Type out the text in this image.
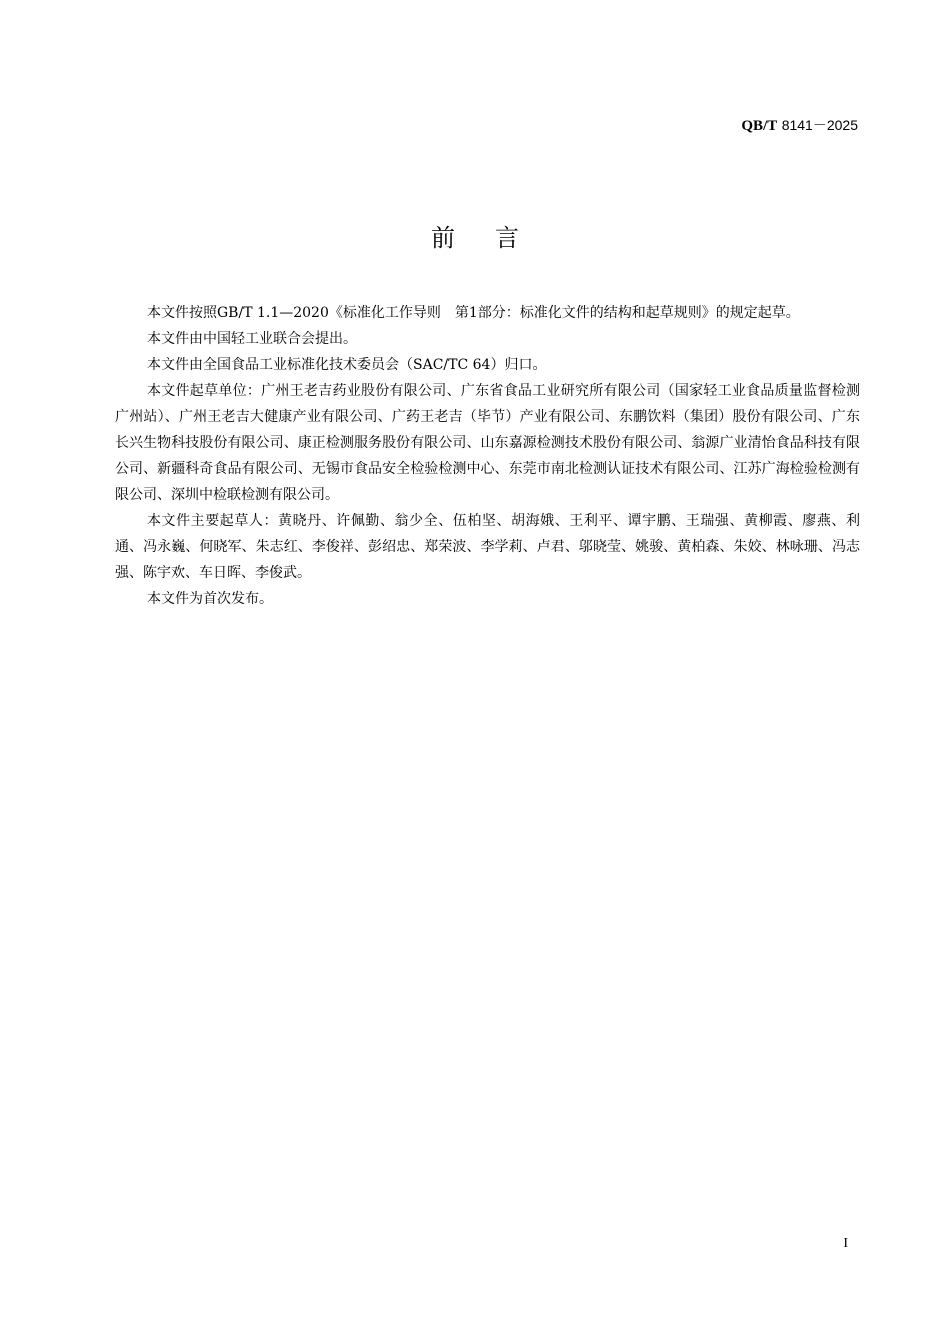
QB/T 8141－2025
前言

本文件按照GB/T 1.1—2020《标准化工作导则　第1部分：标准化文件的结构和起草规则》的规定起草。

本文件由中国轻工业联合会提出。

本文件由全国食品工业标准化技术委员会（SAC/TC 64）归口。

本文件起草单位：广州王老吉药业股份有限公司、广东省食品工业研究所有限公司（国家轻工业食品质量监督检测广州站）、广州王老吉大健康产业有限公司、广药王老吉（毕节）产业有限公司、东鹏饮料（集团）股份有限公司、广东长兴生物科技股份有限公司、康正检测服务股份有限公司、山东嘉源检测技术股份有限公司、翁源广业清怡食品科技有限公司、新疆科奇食品有限公司、无锡市食品安全检验检测中心、东莞市南北检测认证技术有限公司、江苏广海检验检测有限公司、深圳中检联检测有限公司。

本文件主要起草人：黄晓丹、许佩勤、翁少全、伍柏坚、胡海娥、王利平、谭宇鹏、王瑞强、黄柳霞、廖燕、利通、冯永巍、何晓军、朱志红、李俊祥、彭绍忠、郑荣波、李学莉、卢君、邬晓莹、姚骏、黄柏森、朱姣、林咏珊、冯志强、陈宇欢、车日晖、李俊武。

本文件为首次发布。

I
